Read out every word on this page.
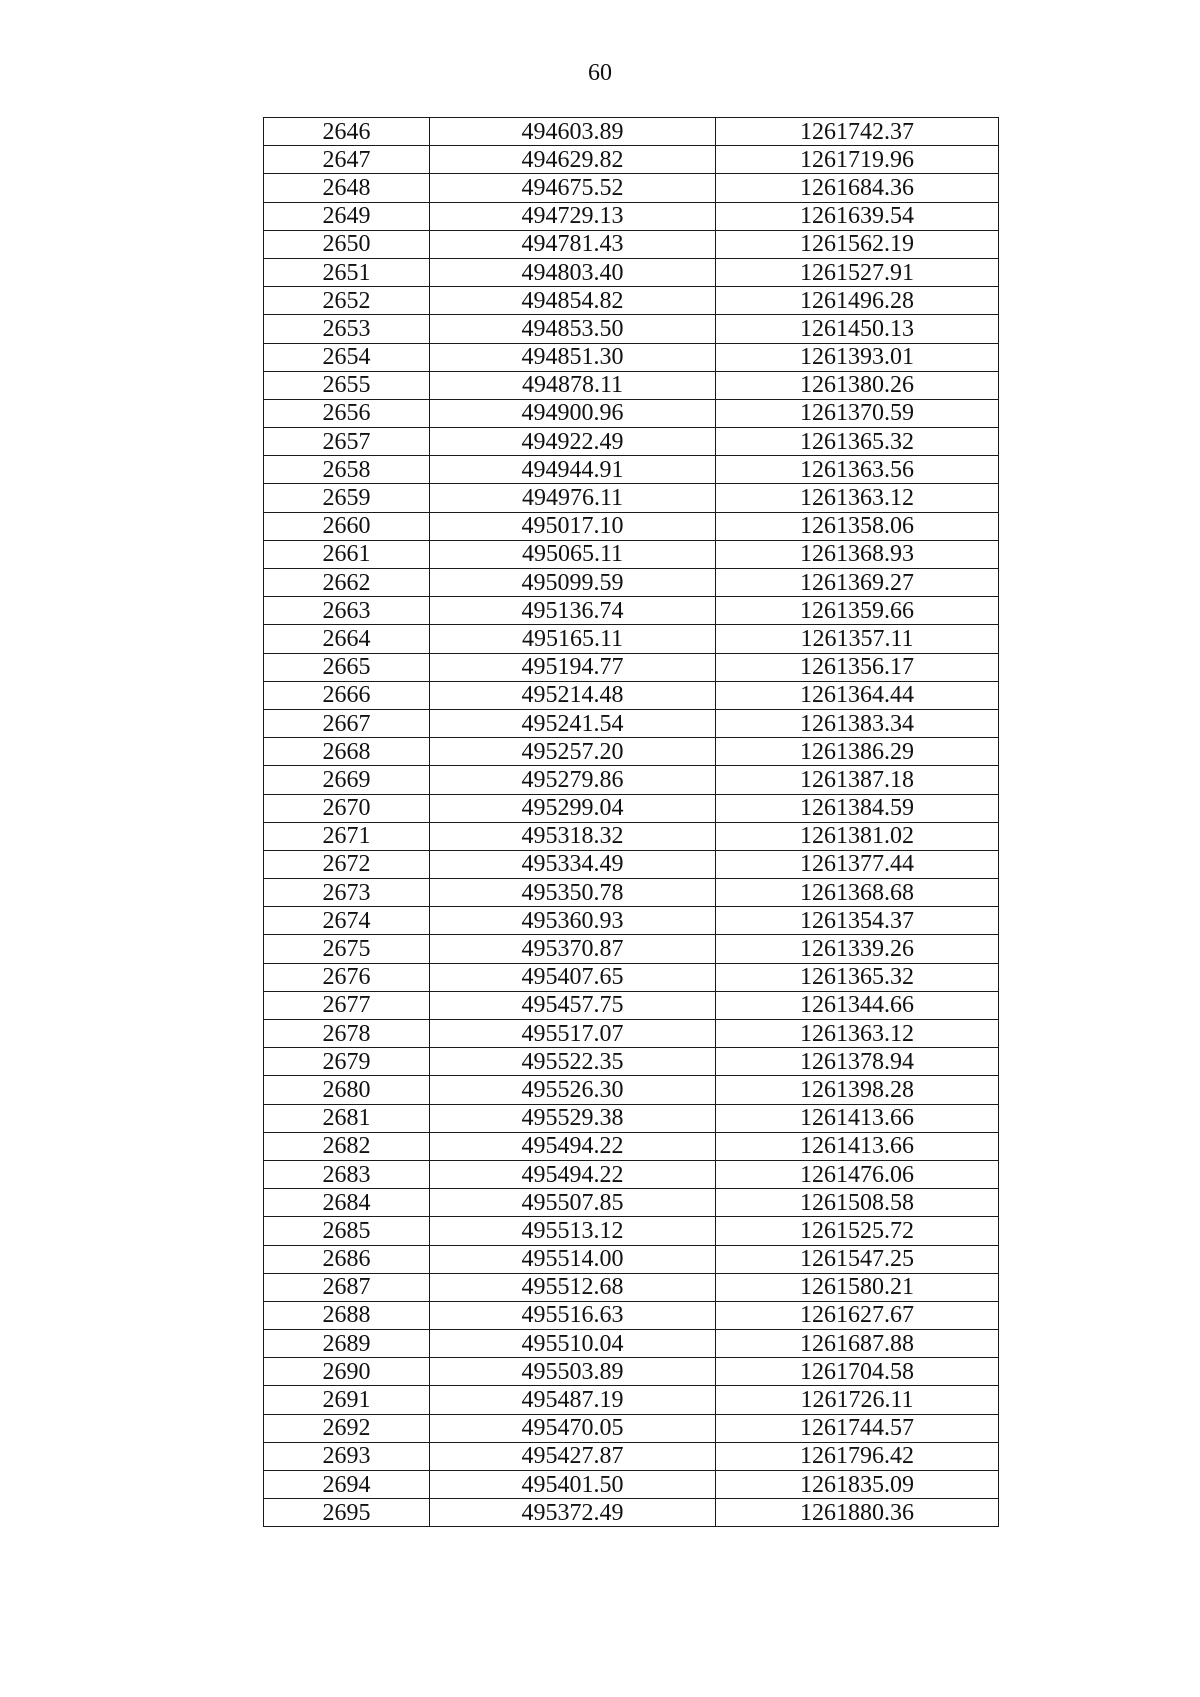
60
2646	494603.89	1261742.37
2647	494629.82	1261719.96
2648	494675.52	1261684.36
2649	494729.13	1261639.54
2650	494781.43	1261562.19
2651	494803.40	1261527.91
2652	494854.82	1261496.28
2653	494853.50	1261450.13
2654	494851.30	1261393.01
2655	494878.11	1261380.26
2656	494900.96	1261370.59
2657	494922.49	1261365.32
2658	494944.91	1261363.56
2659	494976.11	1261363.12
2660	495017.10	1261358.06
2661	495065.11	1261368.93
2662	495099.59	1261369.27
2663	495136.74	1261359.66
2664	495165.11	1261357.11
2665	495194.77	1261356.17
2666	495214.48	1261364.44
2667	495241.54	1261383.34
2668	495257.20	1261386.29
2669	495279.86	1261387.18
2670	495299.04	1261384.59
2671	495318.32	1261381.02
2672	495334.49	1261377.44
2673	495350.78	1261368.68
2674	495360.93	1261354.37
2675	495370.87	1261339.26
2676	495407.65	1261365.32
2677	495457.75	1261344.66
2678	495517.07	1261363.12
2679	495522.35	1261378.94
2680	495526.30	1261398.28
2681	495529.38	1261413.66
2682	495494.22	1261413.66
2683	495494.22	1261476.06
2684	495507.85	1261508.58
2685	495513.12	1261525.72
2686	495514.00	1261547.25
2687	495512.68	1261580.21
2688	495516.63	1261627.67
2689	495510.04	1261687.88
2690	495503.89	1261704.58
2691	495487.19	1261726.11
2692	495470.05	1261744.57
2693	495427.87	1261796.42
2694	495401.50	1261835.09
2695	495372.49	1261880.36
